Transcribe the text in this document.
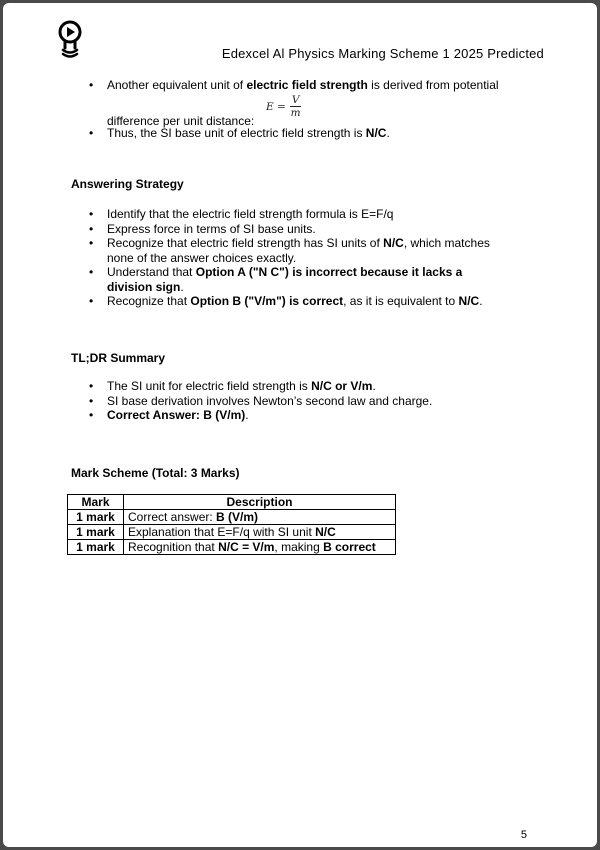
Edexcel Al Physics Marking Scheme 1 2025 Predicted
• Another equivalent unit of electric field strength is derived from potential
difference per unit distance:
• Thus, the SI base unit of electric field strength is N/C.
$E = \frac{V}{m}$
Answering Strategy
• Identify that the electric field strength formula is E=F/q
• Express force in terms of SI base units.
• Recognize that electric field strength has SI units of N/C, which matches none of the answer choices exactly.
• Understand that Option A ("N C") is incorrect because it lacks a division sign.
• Recognize that Option B ("V/m") is correct, as it is equivalent to N/C.
TL;DR Summary
• The SI unit for electric field strength is N/C or V/m.
• SI base derivation involves Newton’s second law and charge.
• Correct Answer: B (V/m).
Mark Scheme (Total: 3 Marks)
Mark	Description
1 mark	Correct answer: B (V/m)
1 mark	Explanation that E=F/q with SI unit N/C
1 mark	Recognition that N/C = V/m, making B correct
5
